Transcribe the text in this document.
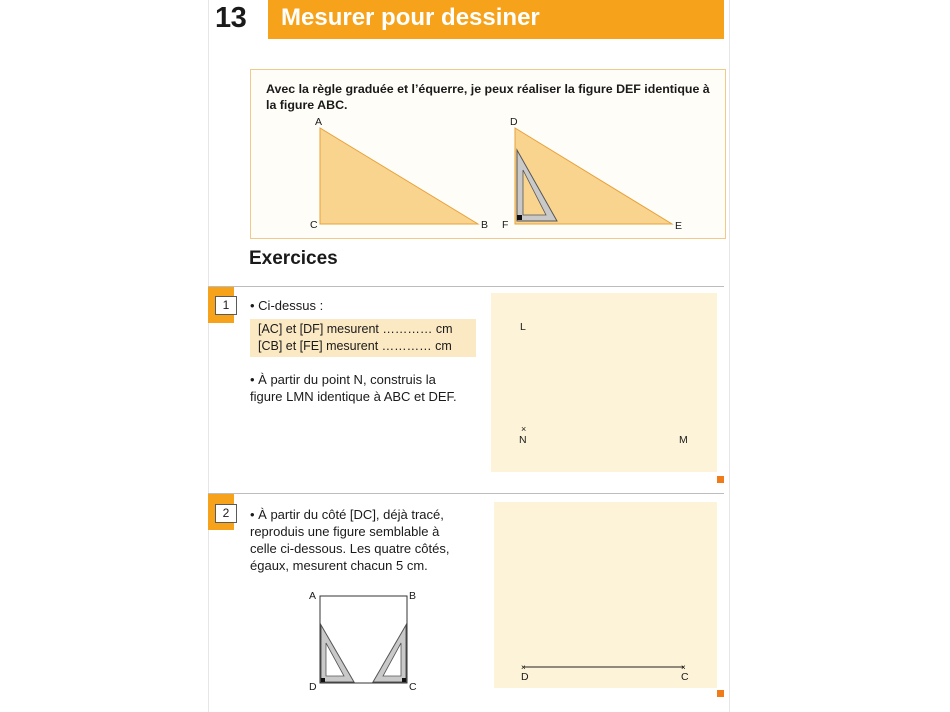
13 Mesurer pour dessiner
Avec la règle graduée et l’équerre, je peux réaliser la figure DEF identique à la figure ABC.
A
C	B
D
F	E
Exercices
1	• Ci-dessus :
[AC] et [DF] mesurent ………… cm
[CB] et [FE] mesurent ………… cm
• À partir du point N, construis la
figure LMN identique à ABC et DEF.
L
×
N	M
2	• À partir du côté [DC], déjà tracé,
reproduis une figure semblable à
celle ci-dessous. Les quatre côtés,
égaux, mesurent chacun 5 cm.
A	B
D	C
×	×
D	C
